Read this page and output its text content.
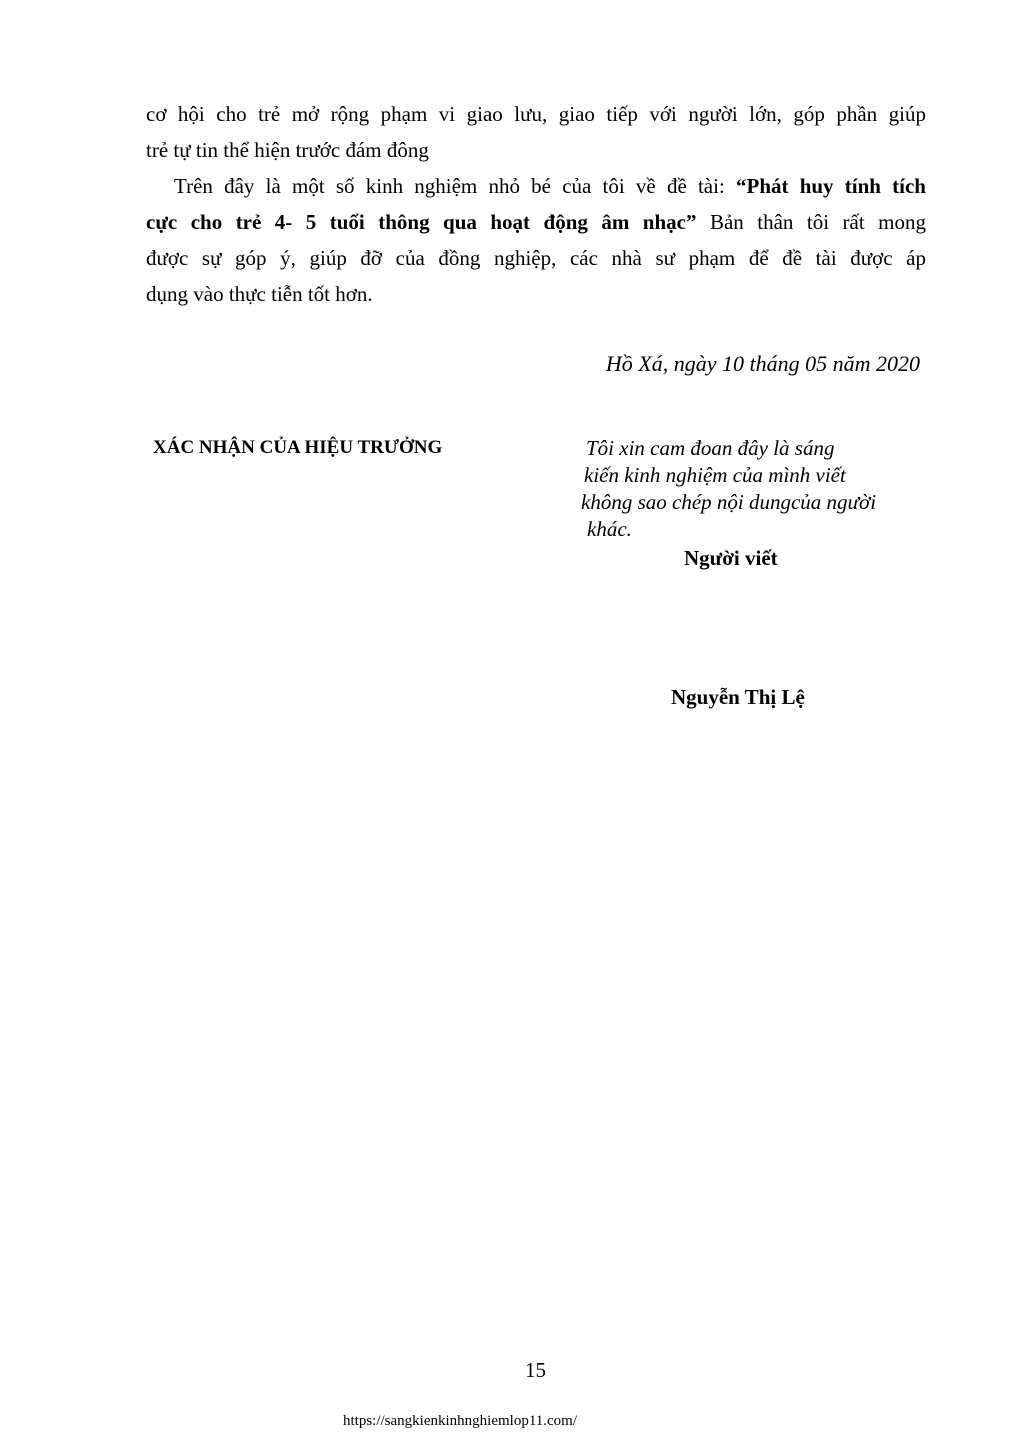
cơ hội cho trẻ mở rộng phạm vi giao lưu, giao tiếp với người lớn, góp phần giúp
trẻ tự tin thể hiện trước đám đông
Trên đây là một số kinh nghiệm nhỏ bé của tôi về đề tài: “Phát huy tính tích
cực cho trẻ 4- 5 tuổi thông qua hoạt động âm nhạc” Bản thân tôi rất mong
được sự góp ý, giúp đỡ của đồng nghiệp, các nhà sư phạm để đề tài được áp
dụng vào thực tiễn tốt hơn.
Hồ Xá, ngày 10 tháng 05 năm 2020
XÁC NHẬN CỦA HIỆU TRƯỞNG	Tôi xin cam đoan đây là sáng
kiến kinh nghiệm của mình viết
không sao chép nội dungcủa người
khác.
Người viết
Nguyễn Thị Lệ
15
https://sangkienkinhnghiemlop11.com/
